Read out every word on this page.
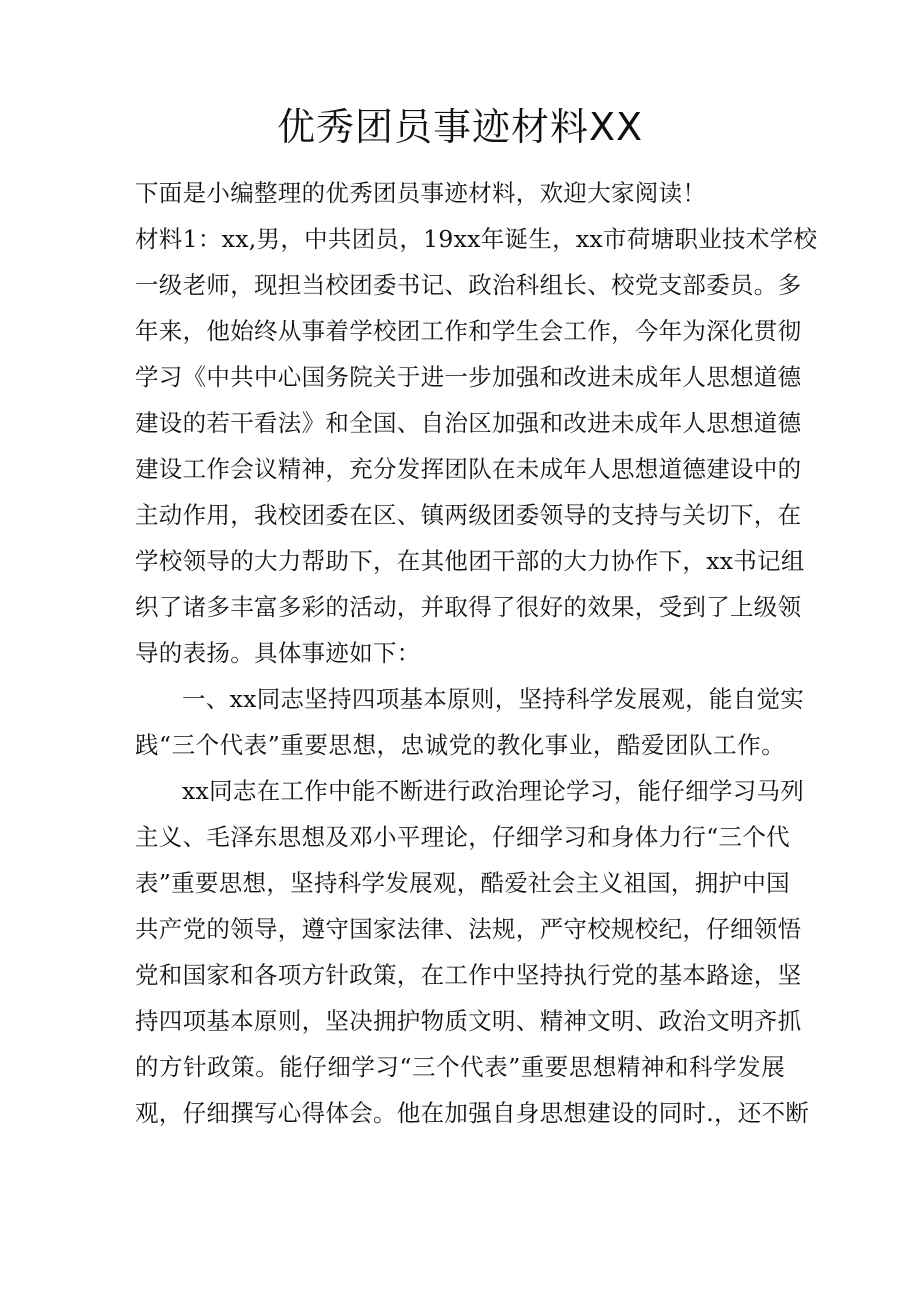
优秀团员事迹材料XX
下面是小编整理的优秀团员事迹材料，欢迎大家阅读！
材料1：xx,男，中共团员，19xx年诞生，xx市荷塘职业技术学校
一级老师，现担当校团委书记、政治科组长、校党支部委员。多
年来，他始终从事着学校团工作和学生会工作，今年为深化贯彻
学习《中共中心国务院关于进一步加强和改进未成年人思想道德
建设的若干看法》和全国、自治区加强和改进未成年人思想道德
建设工作会议精神，充分发挥团队在未成年人思想道德建设中的
主动作用，我校团委在区、镇两级团委领导的支持与关切下，在
学校领导的大力帮助下，在其他团干部的大力协作下，xx书记组
织了诸多丰富多彩的活动，并取得了很好的效果，受到了上级领
导的表扬。具体事迹如下：
一、xx同志坚持四项基本原则，坚持科学发展观，能自觉实
践“三个代表”重要思想，忠诚党的教化事业，酷爱团队工作。
xx同志在工作中能不断进行政治理论学习，能仔细学习马列
主义、毛泽东思想及邓小平理论，仔细学习和身体力行“三个代
表”重要思想，坚持科学发展观，酷爱社会主义祖国，拥护中国
共产党的领导，遵守国家法律、法规，严守校规校纪，仔细领悟
党和国家和各项方针政策，在工作中坚持执行党的基本路途，坚
持四项基本原则，坚决拥护物质文明、精神文明、政治文明齐抓
的方针政策。能仔细学习“三个代表”重要思想精神和科学发展
观，仔细撰写心得体会。他在加强自身思想建设的同时.，还不断
